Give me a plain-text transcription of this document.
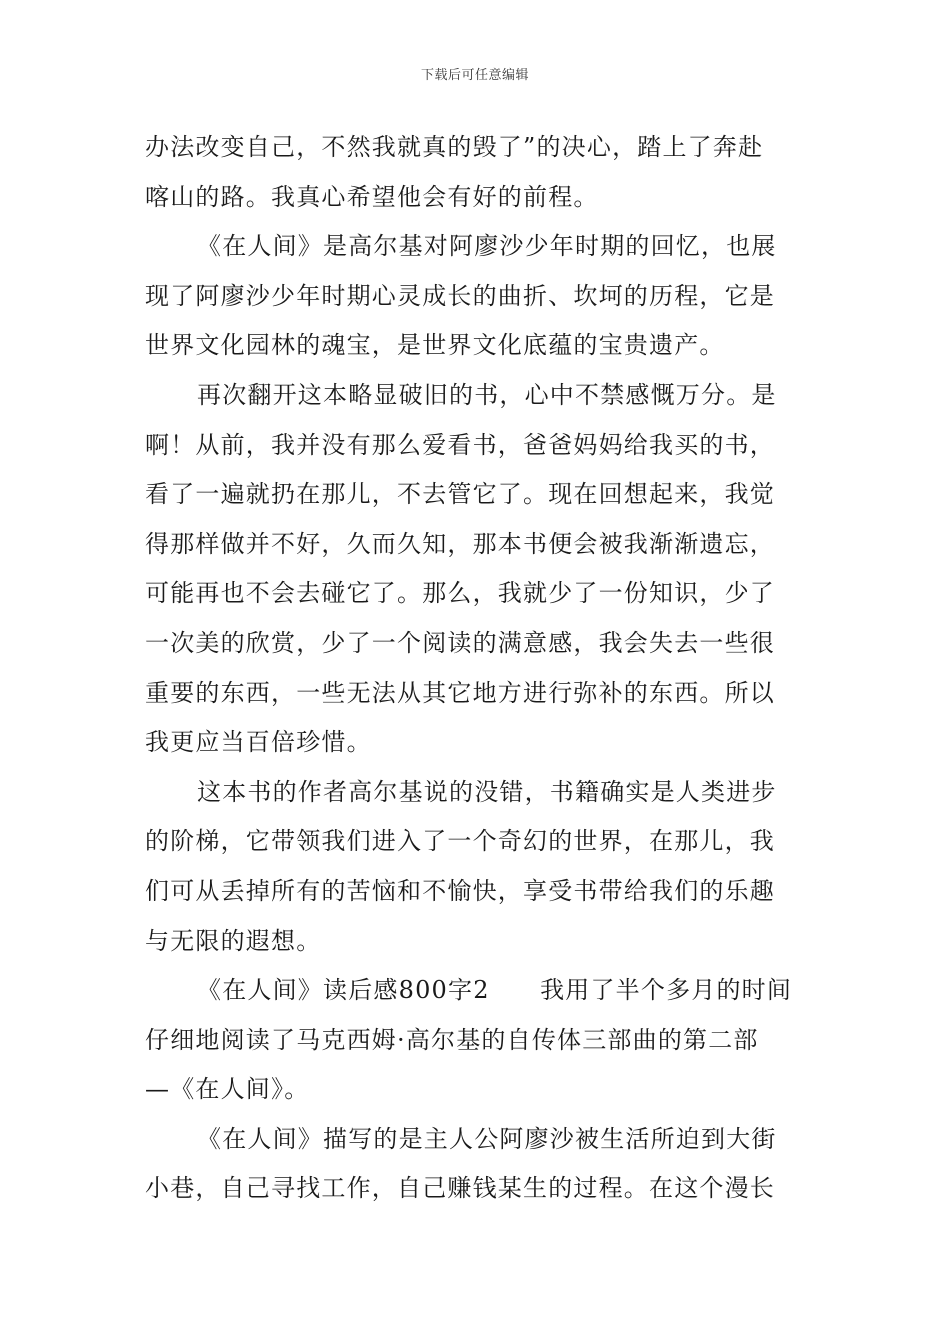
下载后可任意编辑
办法改变自己，不然我就真的毁了”的决心，踏上了奔赴
喀山的路。我真心希望他会有好的前程。
《在人间》是高尔基对阿廖沙少年时期的回忆，也展
现了阿廖沙少年时期心灵成长的曲折、坎坷的历程，它是
世界文化园林的魂宝，是世界文化底蕴的宝贵遗产。
再次翻开这本略显破旧的书，心中不禁感慨万分。是
啊！从前，我并没有那么爱看书，爸爸妈妈给我买的书，
看了一遍就扔在那儿，不去管它了。现在回想起来，我觉
得那样做并不好，久而久知，那本书便会被我渐渐遗忘，
可能再也不会去碰它了。那么，我就少了一份知识，少了
一次美的欣赏，少了一个阅读的满意感，我会失去一些很
重要的东西，一些无法从其它地方进行弥补的东西。所以
我更应当百倍珍惜。
这本书的作者高尔基说的没错，书籍确实是人类进步
的阶梯，它带领我们进入了一个奇幻的世界，在那儿，我
们可从丢掉所有的苦恼和不愉快，享受书带给我们的乐趣
与无限的遐想。
《在人间》读后感800字2　　我用了半个多月的时间
仔细地阅读了马克西姆·高尔基的自传体三部曲的第二部
—《在人间》。
《在人间》描写的是主人公阿廖沙被生活所迫到大街
小巷，自己寻找工作，自己赚钱某生的过程。在这个漫长
